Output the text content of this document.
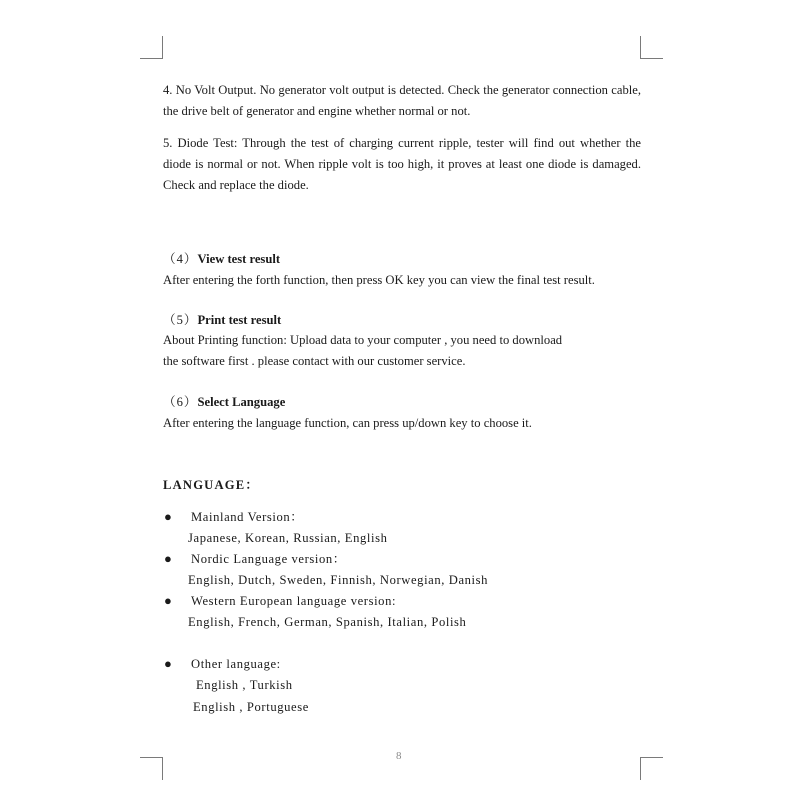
4. No Volt Output. No generator volt output is detected. Check the generator connection cable, the drive belt of generator and engine whether normal or not.

5. Diode Test: Through the test of charging current ripple, tester will find out whether the diode is normal or not. When ripple volt is too high, it proves at least one diode is damaged. Check and replace the diode.

（4）View test result

After entering the forth function, then press OK key you can view the final test result.

（5）Print test result

About Printing function: Upload data to your computer , you need to download

the software first . please contact with our customer service.

（6）Select Language

After entering the language function, can press up/down key to choose it.

LANGUAGE：
● Mainland Version：
Japanese, Korean, Russian, English
● Nordic Language version：
English, Dutch, Sweden, Finnish, Norwegian, Danish
● Western European language version:
English, French, German, Spanish, Italian, Polish
● Other language:
English , Turkish
English , Portuguese
8
